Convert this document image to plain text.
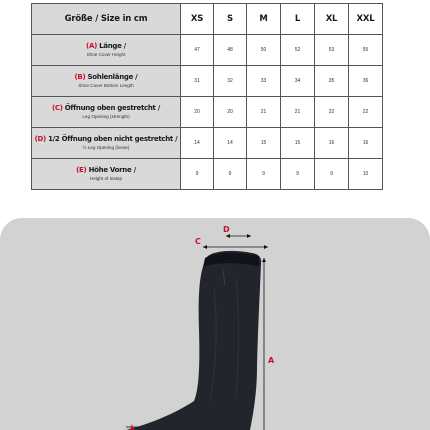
Größe / Size in cm	XS	S	M	L	XL	XXL

(A) Länge /
Shoe Cover Height	47	48	50	52	53	55

(B) Sohlenlänge /
Shoe Cover Bottom Length	31	32	33	34	35	36

(C) Öffnung oben gestretcht /
Leg Opening (strength)	20	20	21	21	22	22

(D) 1/2 Öffnung oben nicht gestretcht /
½ Leg Opening (loose)	14	14	15	15	16	16

(E) Höhe Vorne /
Height of Instep	9	9	9	9	9	10
D
C
A
